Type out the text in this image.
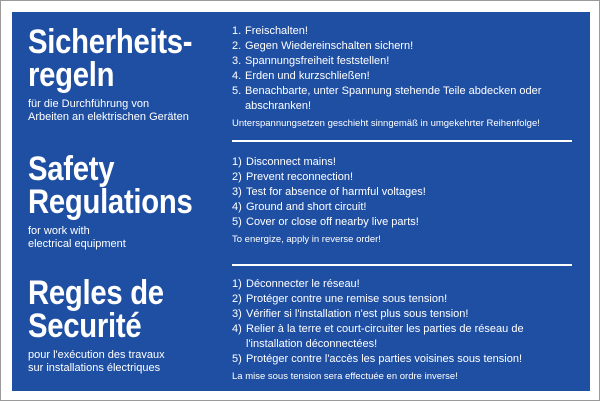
Sicherheits-
regeln
für die Durchführung von
Arbeiten an elektrischen Geräten
1. Freischalten!
2. Gegen Wiedereinschalten sichern!
3. Spannungsfreiheit feststellen!
4. Erden und kurzschließen!
5. Benachbarte, unter Spannung stehende Teile abdecken oder abschranken!
Unterspannungsetzen geschieht sinngemäß in umgekehrter Reihenfolge!
Safety
Regulations
for work with
electrical equipment
1) Disconnect mains!
2) Prevent reconnection!
3) Test for absence of harmful voltages!
4) Ground and short circuit!
5) Cover or close off nearby live parts!
To energize, apply in reverse order!
Regles de
Securité
pour l'exécution des travaux
sur installations électriques
1) Déconnecter le réseau!
2) Protéger contre une remise sous tension!
3) Vérifier si l'installation n'est plus sous tension!
4) Relier à la terre et court-circuiter les parties de réseau de l'installation déconnectées!
5) Protéger contre l'accès les parties voisines sous tension!
La mise sous tension sera effectuée en ordre inverse!
